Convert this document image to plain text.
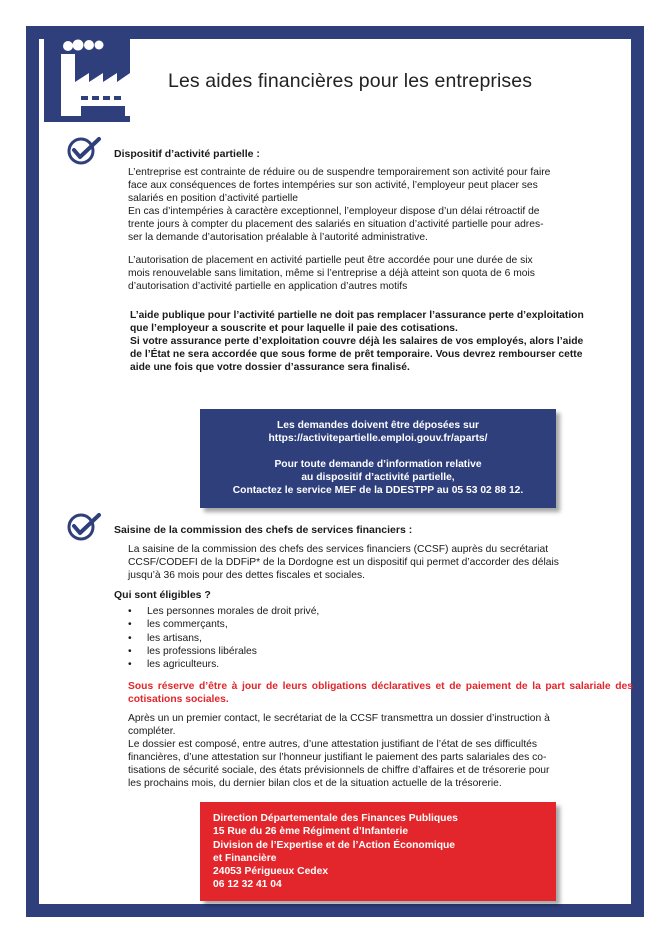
Les aides financières pour les entreprises
Dispositif d’activité partielle :
L’entreprise est contrainte de réduire ou de suspendre temporairement son activité pour faire
face aux conséquences de fortes intempéries sur son activité, l’employeur peut placer ses
salariés en position d’activité partielle
En cas d’intempéries à caractère exceptionnel, l’employeur dispose d’un délai rétroactif de
trente jours à compter du placement des salariés en situation d’activité partielle pour adres-
ser la demande d’autorisation préalable à l’autorité administrative.
L’autorisation de placement en activité partielle peut être accordée pour une durée de six
mois renouvelable sans limitation, même si l’entreprise a déjà atteint son quota de 6 mois
d’autorisation d’activité partielle en application d’autres motifs
L’aide publique pour l’activité partielle ne doit pas remplacer l’assurance perte d’exploitation
que l’employeur a souscrite et pour laquelle il paie des cotisations.
Si votre assurance perte d’exploitation couvre déjà les salaires de vos employés, alors l’aide
de l’État ne sera accordée que sous forme de prêt temporaire. Vous devrez rembourser cette
aide une fois que votre dossier d’assurance sera finalisé.
Les demandes doivent être déposées sur
https://activitepartielle.emploi.gouv.fr/aparts/
Pour toute demande d’information relative
au dispositif d’activité partielle,
Contactez le service MEF de la DDESTPP au 05 53 02 88 12.
Saisine de la commission des chefs de services financiers :
La saisine de la commission des chefs des services financiers (CCSF) auprès du secrétariat
CCSF/CODEFI de la DDFiP* de la Dordogne est un dispositif qui permet d’accorder des délais
jusqu’à 36 mois pour des dettes fiscales et sociales.
Qui sont éligibles ?
• Les personnes morales de droit privé,
• les commerçants,
• les artisans,
• les professions libérales
• les agriculteurs.
Sous réserve d’être à jour de leurs obligations déclaratives et de paiement de la part salariale des cotisations sociales.
Après un un premier contact, le secrétariat de la CCSF transmettra un dossier d’instruction à
compléter.
Le dossier est composé, entre autres, d’une attestation justifiant de l’état de ses difficultés
financières, d’une attestation sur l’honneur justifiant le paiement des parts salariales des co-
tisations de sécurité sociale, des états prévisionnels de chiffre d’affaires et de trésorerie pour
les prochains mois, du dernier bilan clos et de la situation actuelle de la trésorerie.
Direction Départementale des Finances Publiques
15 Rue du 26 ème Régiment d’Infanterie
Division de l’Expertise et de l’Action Économique
et Financière
24053 Périgueux Cedex
06 12 32 41 04
